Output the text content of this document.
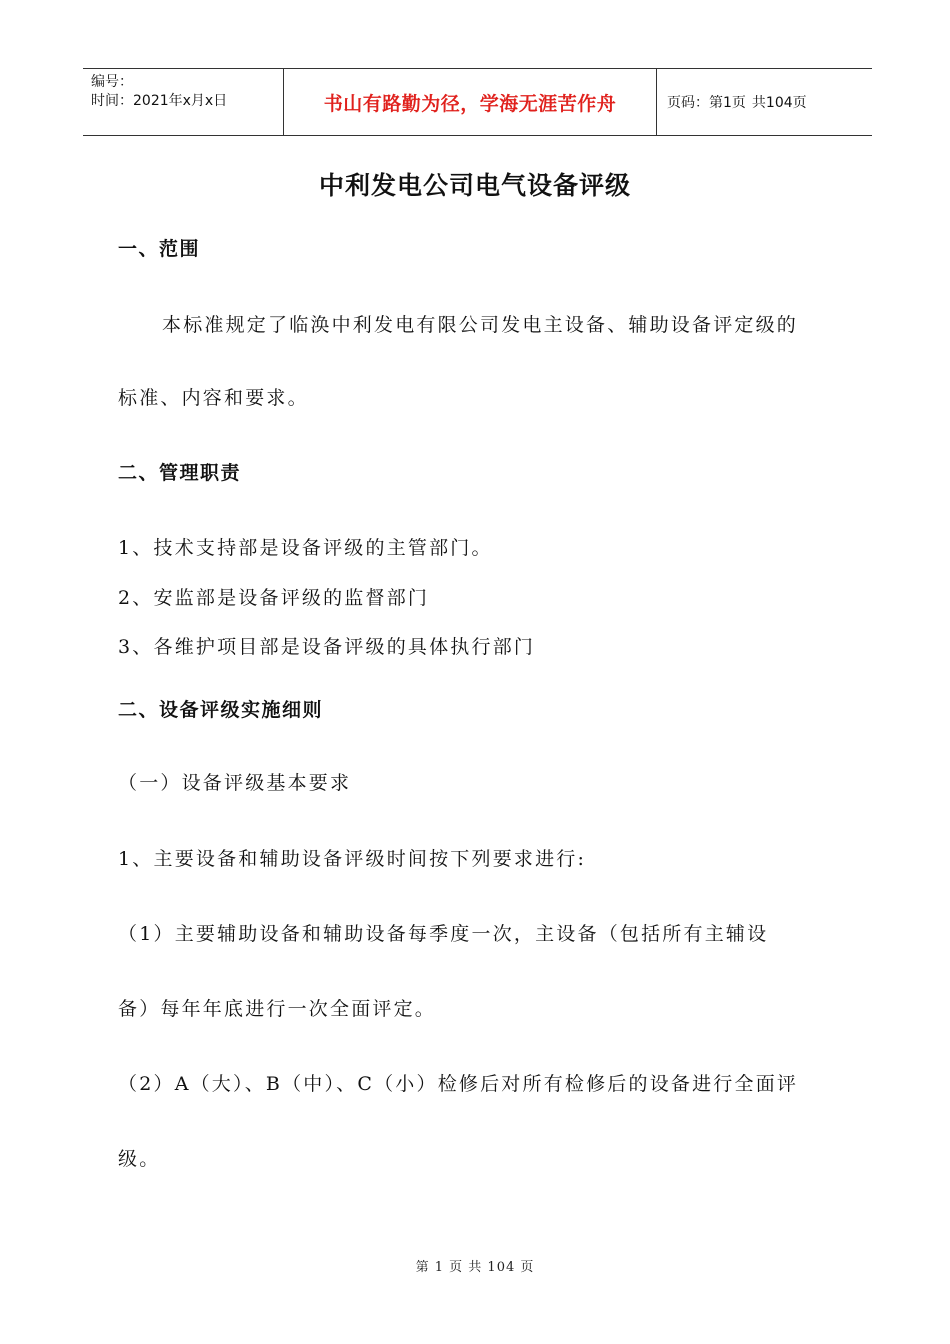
编号：
时间：2021年x月x日	书山有路勤为径，学海无涯苦作舟	页码：第1页 共104页
中利发电公司电气设备评级
一、范围
本标准规定了临涣中利发电有限公司发电主设备、辅助设备评定级的
标准、内容和要求。
二、管理职责
1、技术支持部是设备评级的主管部门。
2、安监部是设备评级的监督部门
3、各维护项目部是设备评级的具体执行部门
二、设备评级实施细则
（一）设备评级基本要求
1、主要设备和辅助设备评级时间按下列要求进行:
（1）主要辅助设备和辅助设备每季度一次，主设备（包括所有主辅设
备）每年年底进行一次全面评定。
（2）A（大）、B（中）、C（小）检修后对所有检修后的设备进行全面评
级。
第 1 页 共 104 页
